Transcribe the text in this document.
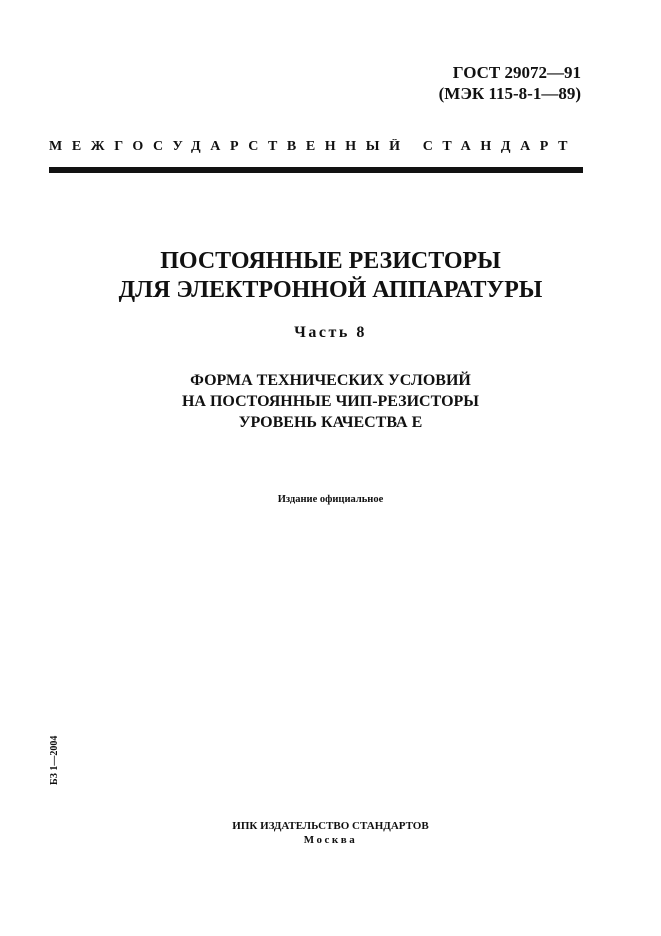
ГОСТ 29072—91
(МЭК 115-8-1—89)
МЕЖГОСУДАРСТВЕННЫЙ СТАНДАРТ
ПОСТОЯННЫЕ РЕЗИСТОРЫ
ДЛЯ ЭЛЕКТРОННОЙ АППАРАТУРЫ
Часть 8
ФОРМА ТЕХНИЧЕСКИХ УСЛОВИЙ
НА ПОСТОЯННЫЕ ЧИП-РЕЗИСТОРЫ
УРОВЕНЬ КАЧЕСТВА Е
Издание официальное
БЗ 1—2004
ИПК ИЗДАТЕЛЬСТВО СТАНДАРТОВ
Москва
